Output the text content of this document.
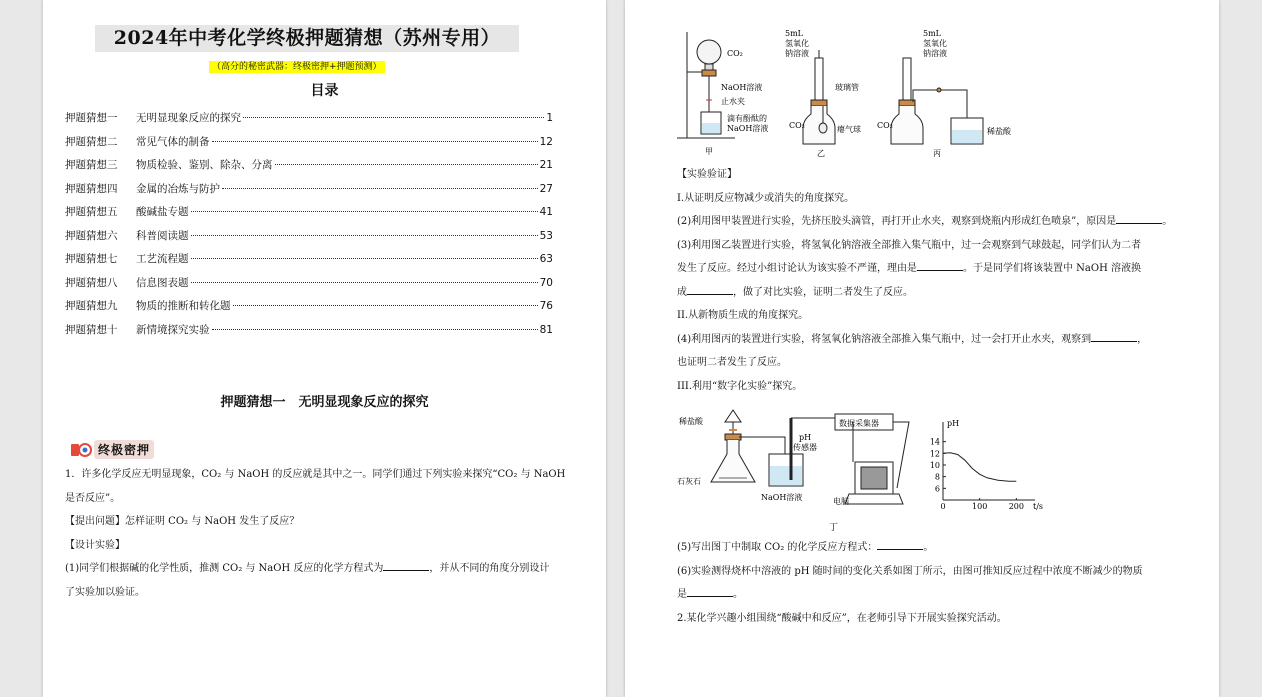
2024年中考化学终极押题猜想（苏州专用）
（高分的秘密武器：终极密押+押题预测）
目录
押题猜想一	无明显现象反应的探究	1
押题猜想二	常见气体的制备	12
押题猜想三	物质检验、鉴别、除杂、分离	21
押题猜想四	金属的冶炼与防护	27
押题猜想五	酸碱盐专题	41
押题猜想六	科普阅读题	53
押题猜想七	工艺流程题	63
押题猜想八	信息图表题	70
押题猜想九	物质的推断和转化题	76
押题猜想十	新情境探究实验	81
押题猜想一　无明显现象反应的探究
终极密押
1．许多化学反应无明显现象，CO₂ 与 NaOH 的反应就是其中之一。同学们通过下列实验来探究“CO₂ 与 NaOH
是否反应”。
【提出问题】怎样证明 CO₂ 与 NaOH 发生了反应？
【设计实验】
(1)同学们根据碱的化学性质，推测 CO₂ 与 NaOH 反应的化学方程式为	，并从不同的角度分别设计
了实验加以验证。
CO₂
NaOH溶液
止水夹
滴有酚酞的
NaOH溶液
甲
5mL
氢氧化
钠溶液
玻璃管
CO₂	瘪气球
乙
5mL
氢氧化
钠溶液
CO₂
稀盐酸
丙
【实验验证】
I.从证明反应物减少或消失的角度探究。
(2)利用图甲装置进行实验，先挤压胶头滴管，再打开止水夹，观察到烧瓶内形成红色喷泉”，原因是	。
(3)利用图乙装置进行实验，将氢氧化钠溶液全部推入集气瓶中，过一会观察到气球鼓起，同学们认为二者
发生了反应。经过小组讨论认为该实验不严谨，理由是	。于是同学们将该装置中 NaOH 溶液换
成	，做了对比实验，证明二者发生了反应。
II.从新物质生成的角度探究。
(4)利用图丙的装置进行实验，将氢氧化钠溶液全部推入集气瓶中，过一会打开止水夹，观察到	，
也证明二者发生了反应。
III.利用“数字化实验”探究。
稀盐酸	数据采集器
pH
传感器
石灰石
NaOH溶液	电脑
丁
0	100	200
6
8
10
12
14
pH
t/s
(5)写出图丁中制取 CO₂ 的化学反应方程式：	。
(6)实验测得烧杯中溶液的 pH 随时间的变化关系如图丁所示，由图可推知反应过程中浓度不断减少的物质
是	。
2.某化学兴趣小组围绕“酸碱中和反应”，在老师引导下开展实验探究活动。
